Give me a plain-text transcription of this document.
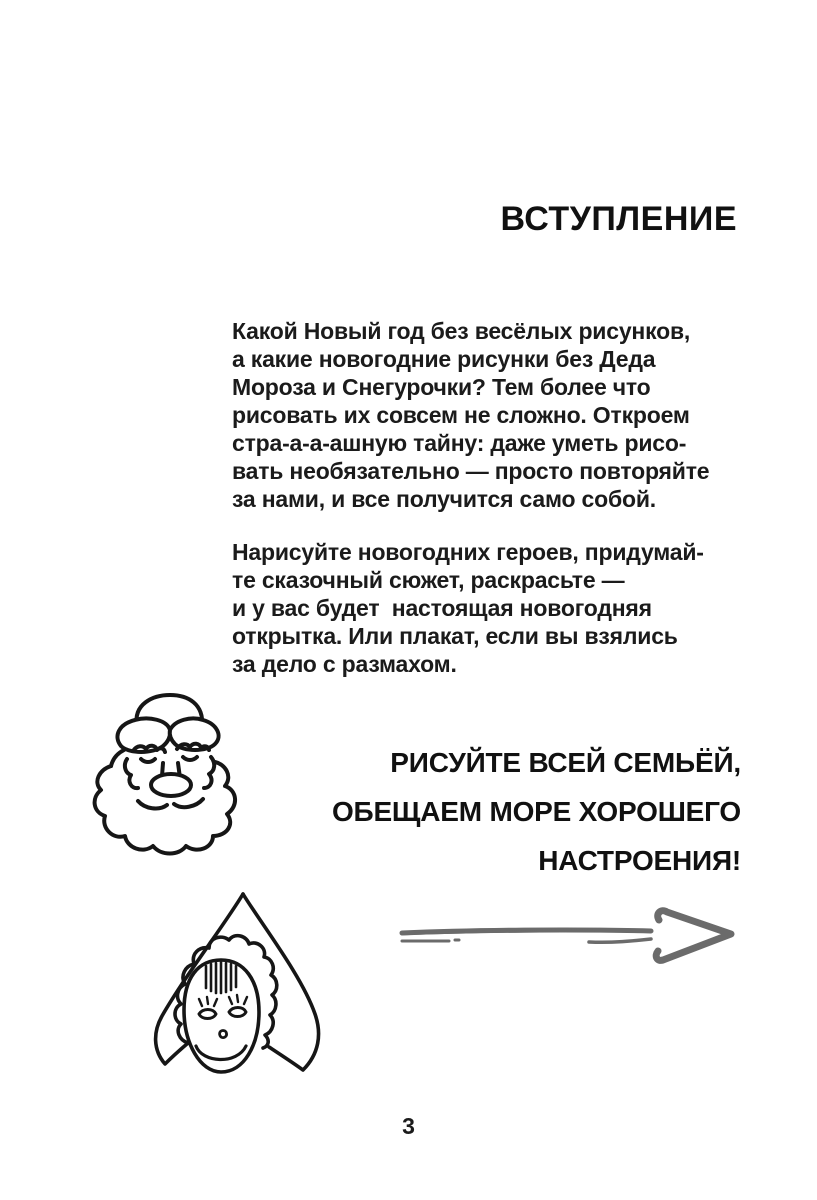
ВСТУПЛЕНИЕ

Какой Новый год без весёлых рисунков,
а какие новогодние рисунки без Деда
Мороза и Снегурочки? Тем более что
рисовать их совсем не сложно. Откроем
стра-а-а-ашную тайну: даже уметь рисо-
вать необязательно — просто повторяйте
за нами, и все получится само собой.

Нарисуйте новогодних героев, придумай-
те сказочный сюжет, раскрасьте —
и у вас будет  настоящая новогодняя
открытка. Или плакат, если вы взялись
за дело с размахом.

РИСУЙТЕ ВСЕЙ СЕМЬЁЙ,
ОБЕЩАЕМ МОРЕ ХОРОШЕГО
НАСТРОЕНИЯ!
3
